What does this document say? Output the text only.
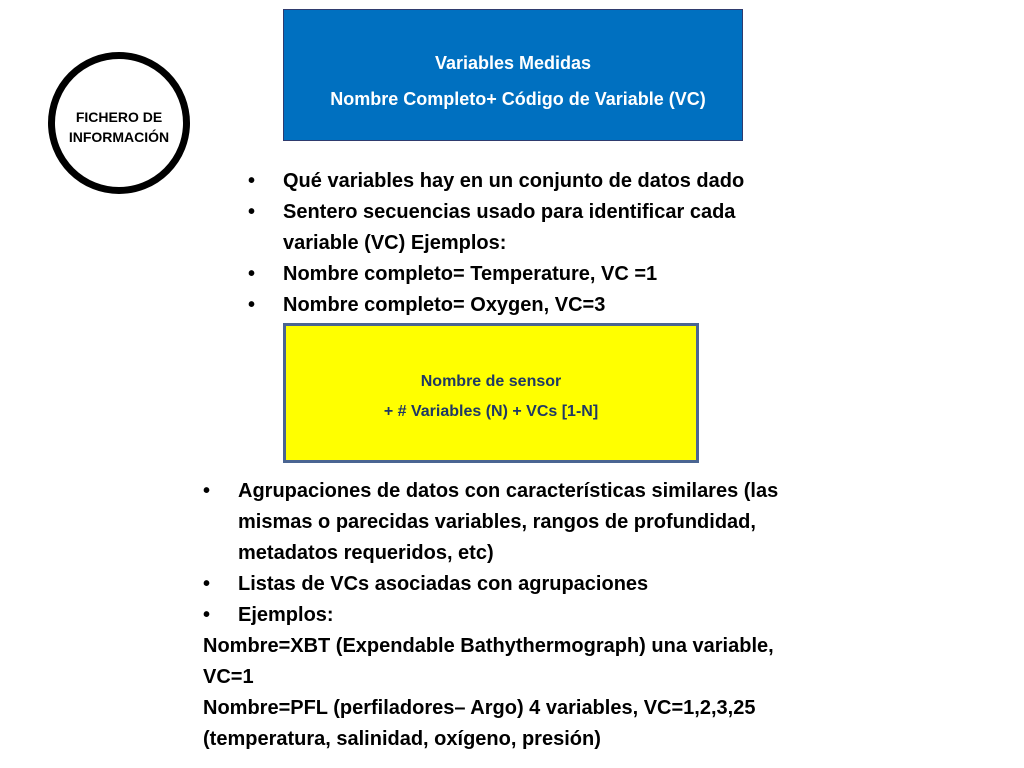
FICHERO DE
INFORMACIÓN
Variables Medidas
Nombre Completo+ Código de Variable (VC)
• Qué variables hay en un conjunto de datos dado
• Sentero secuencias usado para identificar cada variable (VC) Ejemplos:
• Nombre completo= Temperature, VC =1
• Nombre completo= Oxygen, VC=3
Nombre de sensor
+ # Variables (N) + VCs [1-N]
• Agrupaciones de datos con características similares (las mismas o parecidas variables, rangos de profundidad, metadatos requeridos, etc)
• Listas de VCs asociadas con agrupaciones
• Ejemplos:
Nombre=XBT (Expendable Bathythermograph) una variable,
VC=1
Nombre=PFL (perfiladores– Argo) 4 variables, VC=1,2,3,25
(temperatura, salinidad, oxígeno, presión)
